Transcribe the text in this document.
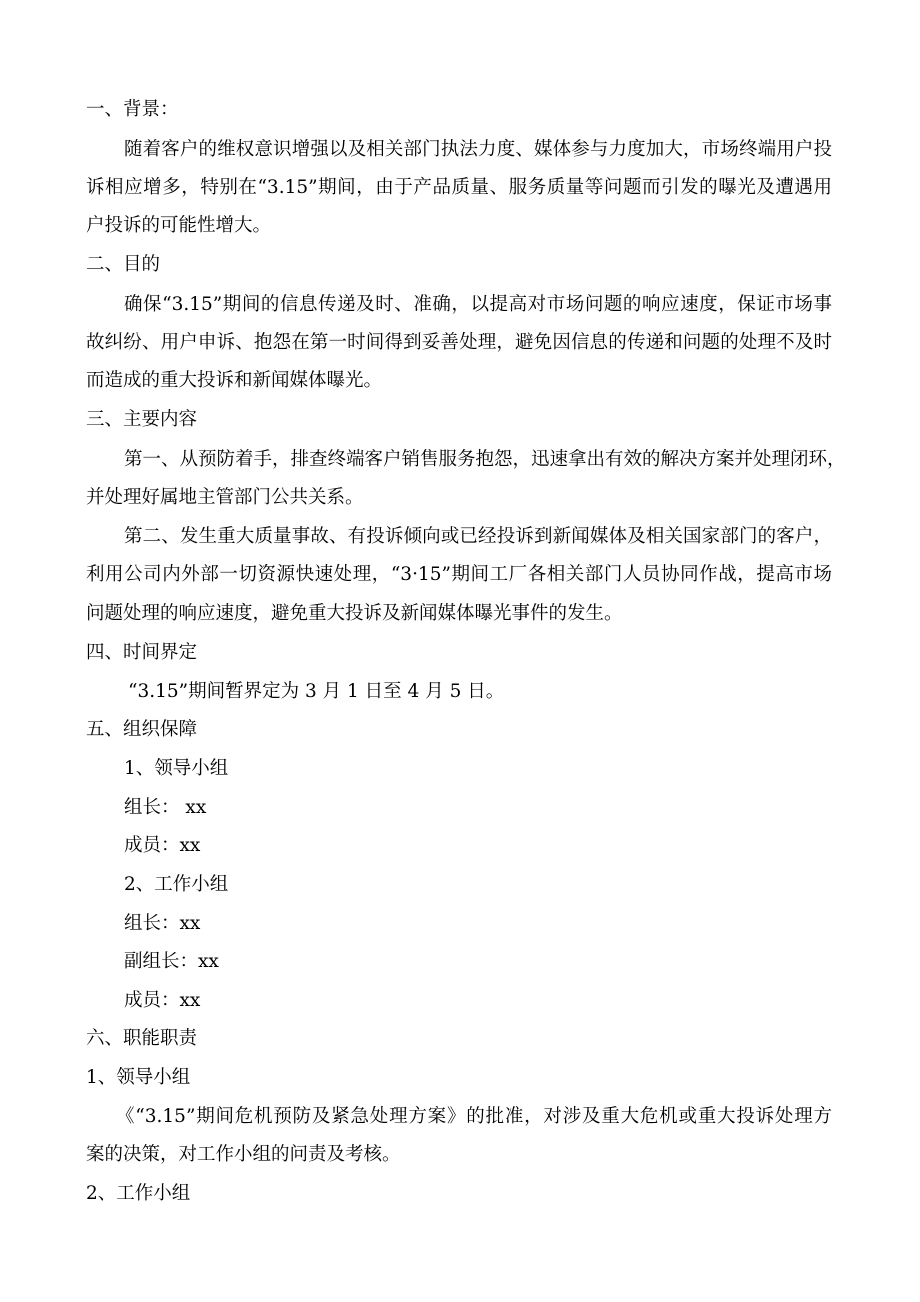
一、背景：

随着客户的维权意识增强以及相关部门执法力度、媒体参与力度加大，市场终端用户投

诉相应增多，特别在“3.15”期间，由于产品质量、服务质量等问题而引发的曝光及遭遇用

户投诉的可能性增大。

二、目的

确保“3.15”期间的信息传递及时、准确，以提高对市场问题的响应速度，保证市场事

故纠纷、用户申诉、抱怨在第一时间得到妥善处理，避免因信息的传递和问题的处理不及时

而造成的重大投诉和新闻媒体曝光。

三、主要内容

第一、从预防着手，排查终端客户销售服务抱怨，迅速拿出有效的解决方案并处理闭环，

并处理好属地主管部门公共关系。

第二、发生重大质量事故、有投诉倾向或已经投诉到新闻媒体及相关国家部门的客户，

利用公司内外部一切资源快速处理，“3·15”期间工厂各相关部门人员协同作战，提高市场

问题处理的响应速度，避免重大投诉及新闻媒体曝光事件的发生。

四、时间界定

“3.15”期间暂界定为 3 月 1 日至 4 月 5 日。

五、组织保障

1、领导小组

组长： xx

成员：xx

2、工作小组

组长：xx

副组长：xx

成员：xx

六、职能职责

1、领导小组

《“3.15”期间危机预防及紧急处理方案》的批准，对涉及重大危机或重大投诉处理方

案的决策，对工作小组的问责及考核。

2、工作小组
